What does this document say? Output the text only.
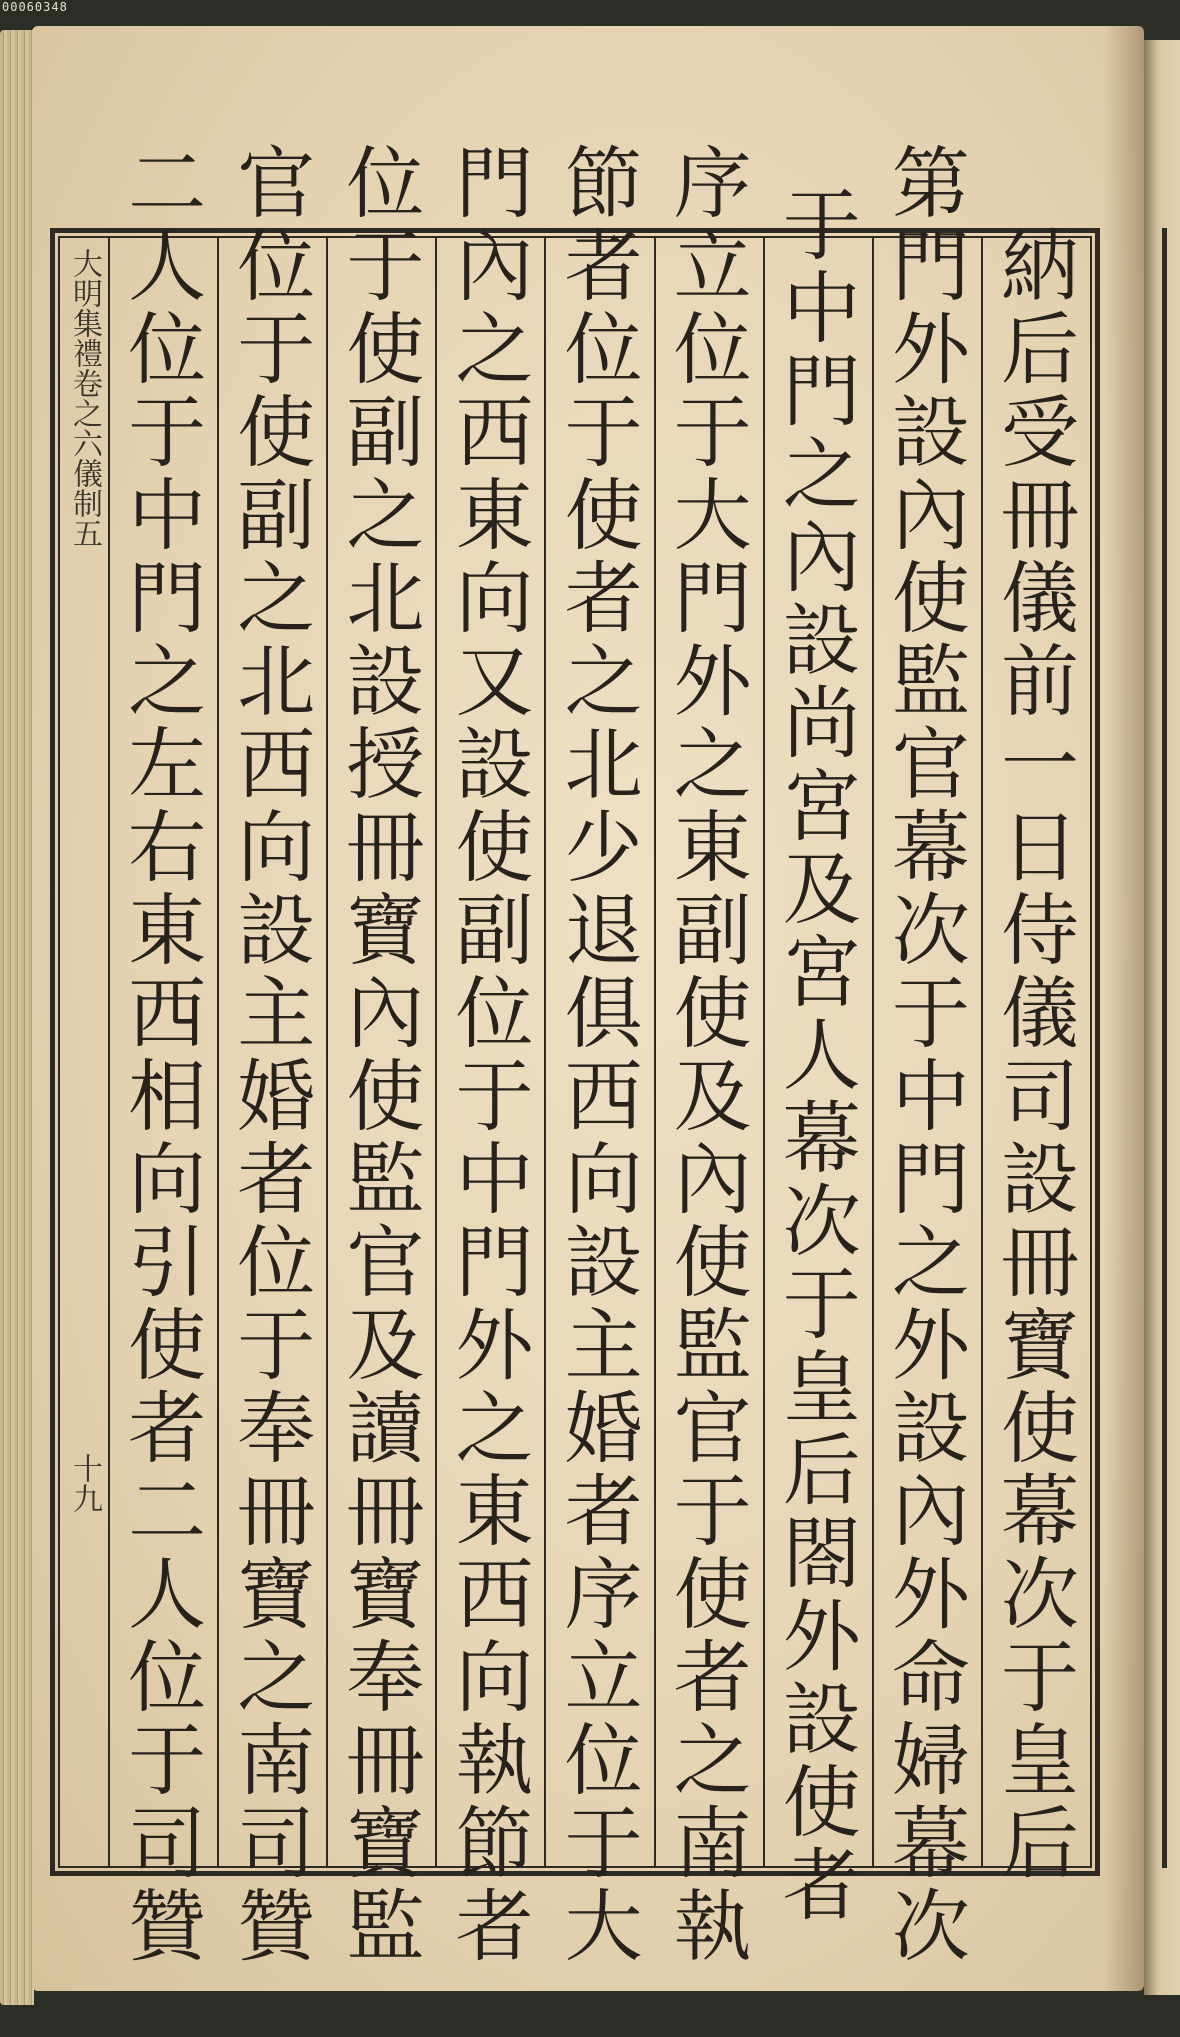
00060348
大明集禮卷之六儀制五
十九
納后受冊儀
前一日侍儀司設冊寶使幕次于
皇后
第門外設內使監官幕次于中門之外設內外命婦幕次
于中門之內設尚宮及宮人幕次于
皇后閤外設使者
序立位于大門外之東副使及內使監官于使者之南執
節者位于使者之北少退俱西向設主婚者序立位于大
門內之西東向又設使副位于中門外之東西向執節者
位于使副之北設授冊寶內使監官及讀冊寶奉冊寶監
官位于使副之北西向設主婚者位于奉冊寶之南司贊
二人位于中門之左右東西相向引使者二人位于司贊
